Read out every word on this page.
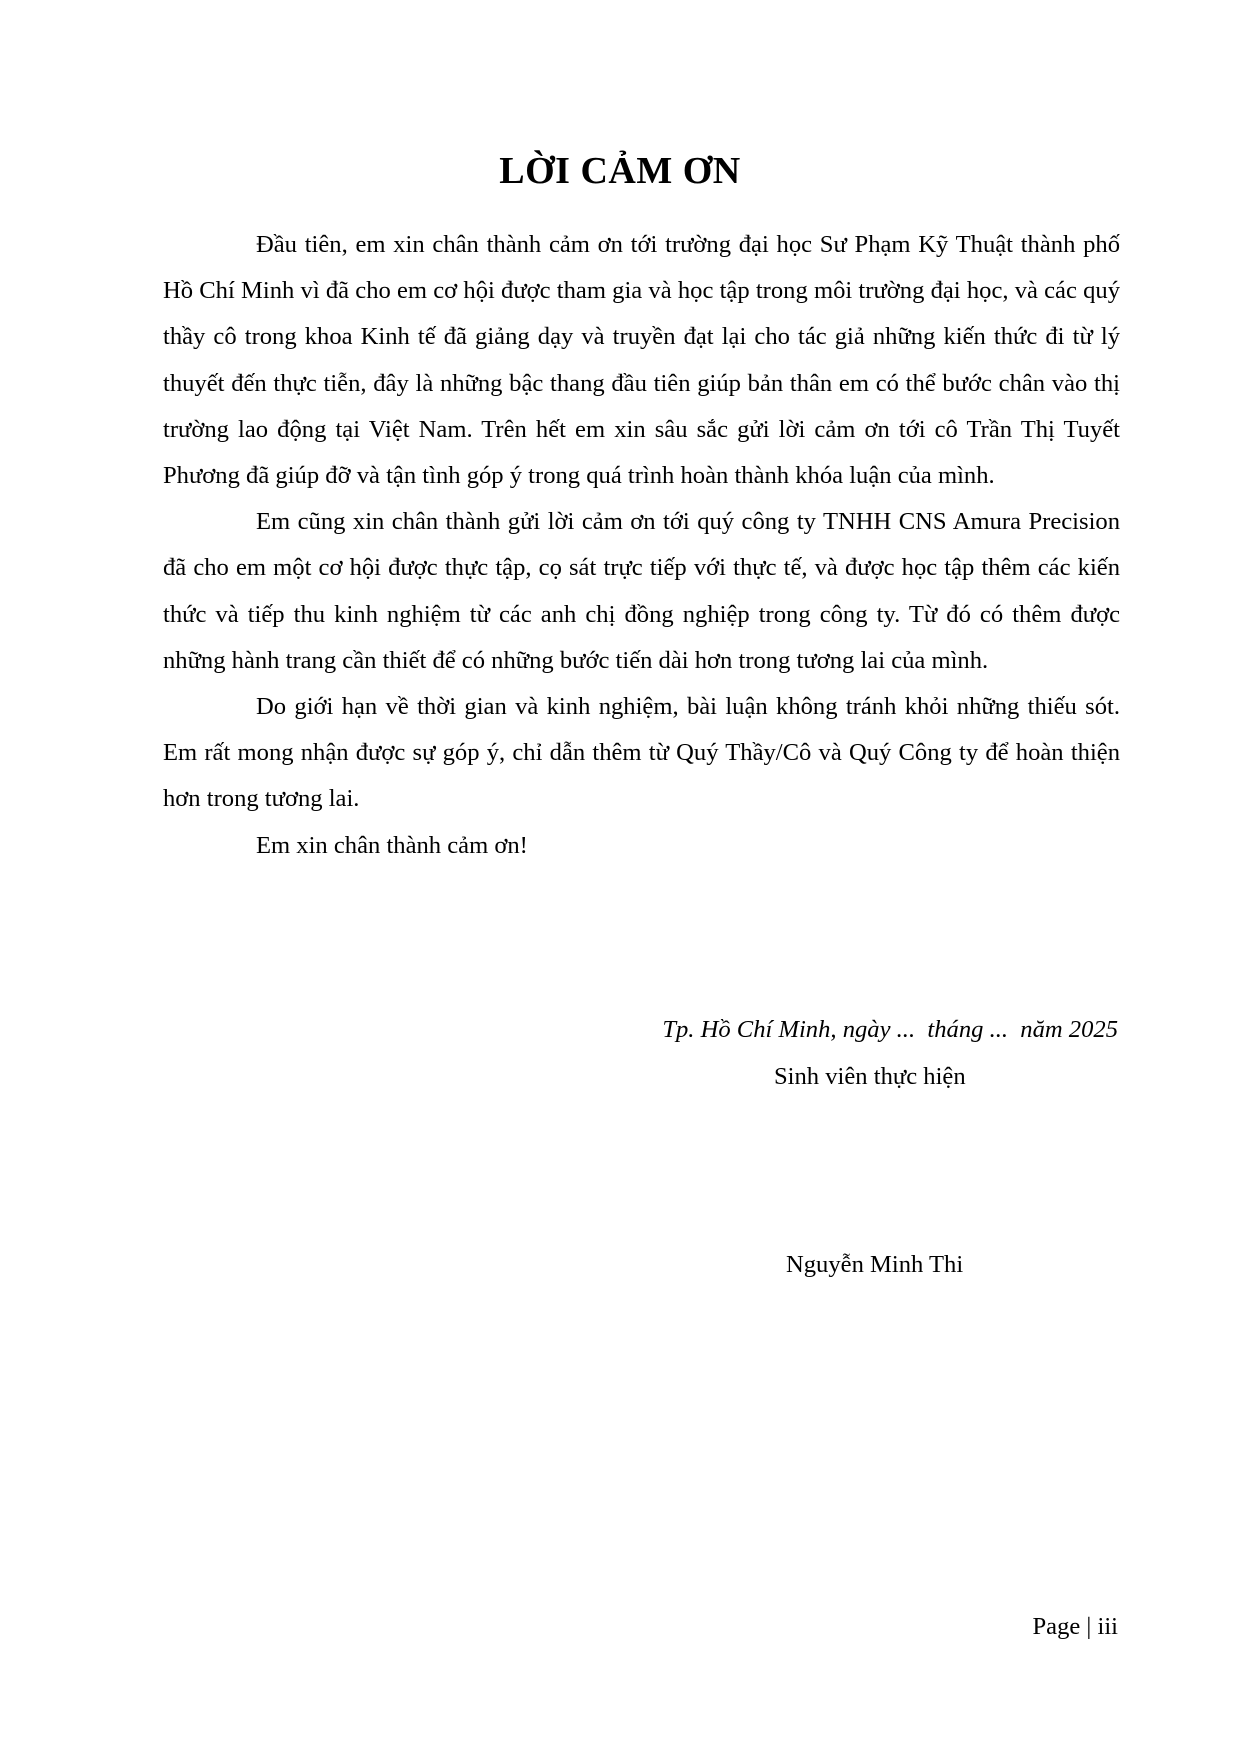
LỜI CẢM ƠN

Đầu tiên, em xin chân thành cảm ơn tới trường đại học Sư Phạm Kỹ Thuật thành phố Hồ Chí Minh vì đã cho em cơ hội được tham gia và học tập trong môi trường đại học, và các quý thầy cô trong khoa Kinh tế đã giảng dạy và truyền đạt lại cho tác giả những kiến thức đi từ lý thuyết đến thực tiễn, đây là những bậc thang đầu tiên giúp bản thân em có thể bước chân vào thị trường lao động tại Việt Nam. Trên hết em xin sâu sắc gửi lời cảm ơn tới cô Trần Thị Tuyết Phương đã giúp đỡ và tận tình góp ý trong quá trình hoàn thành khóa luận của mình.

Em cũng xin chân thành gửi lời cảm ơn tới quý công ty TNHH CNS Amura Precision đã cho em một cơ hội được thực tập, cọ sát trực tiếp với thực tế, và được học tập thêm các kiến thức và tiếp thu kinh nghiệm từ các anh chị đồng nghiệp trong công ty. Từ đó có thêm được những hành trang cần thiết để có những bước tiến dài hơn trong tương lai của mình.

Do giới hạn về thời gian và kinh nghiệm, bài luận không tránh khỏi những thiếu sót. Em rất mong nhận được sự góp ý, chỉ dẫn thêm từ Quý Thầy/Cô và Quý Công ty để hoàn thiện hơn trong tương lai.

Em xin chân thành cảm ơn!

Tp. Hồ Chí Minh, ngày ...  tháng ...  năm 2025
Sinh viên thực hiện
Nguyễn Minh Thi
Page | iii
